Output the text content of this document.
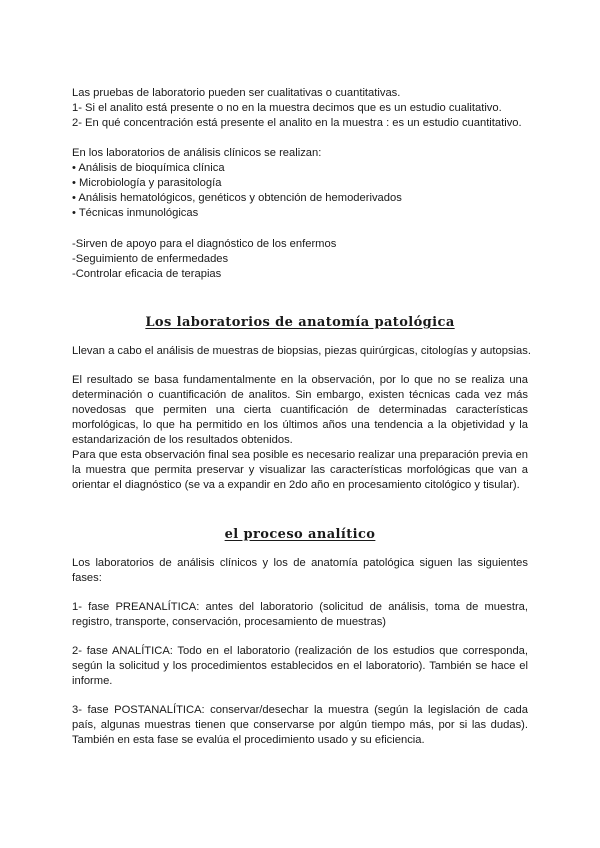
Las pruebas de laboratorio pueden ser cualitativas o cuantitativas.

1- Si el analito está presente o no en la muestra decimos que es un estudio cualitativo.

2- En qué concentración está presente el analito en la muestra : es un estudio cuantitativo.

En los laboratorios de análisis clínicos se realizan:

• Análisis de bioquímica clínica
• Microbiología y parasitología
• Análisis hematológicos, genéticos y obtención de hemoderivados
• Técnicas inmunológicas

-Sirven de apoyo para el diagnóstico de los enfermos

-Seguimiento de enfermedades

-Controlar eficacia de terapias

Los laboratorios de anatomía patológica

Llevan a cabo el análisis de muestras de biopsias, piezas quirúrgicas, citologías y autopsias.

El resultado se basa fundamentalmente en la observación, por lo que no se realiza una determinación o cuantificación de analitos. Sin embargo, existen técnicas cada vez más novedosas que permiten una cierta cuantificación de determinadas características morfológicas, lo que ha permitido en los últimos años una tendencia a la objetividad y la estandarización de los resultados obtenidos.

Para que esta observación final sea posible es necesario realizar una preparación previa en la muestra que permita preservar y visualizar las características morfológicas que van a orientar el diagnóstico (se va a expandir en 2do año en procesamiento citológico y tisular).

el proceso analítico

Los laboratorios de análisis clínicos y los de anatomía patológica siguen las siguientes fases:

1- fase PREANALÍTICA: antes del laboratorio (solicitud de análisis, toma de muestra, registro, transporte, conservación, procesamiento de muestras)

2- fase ANALÍTICA: Todo en el laboratorio (realización de los estudios que corresponda, según la solicitud y los procedimientos establecidos en el laboratorio). También se hace el informe.

3- fase POSTANALÍTICA: conservar/desechar la muestra (según la legislación de cada país, algunas muestras tienen que conservarse por algún tiempo más, por si las dudas). También en esta fase se evalúa el procedimiento usado y su eficiencia.
